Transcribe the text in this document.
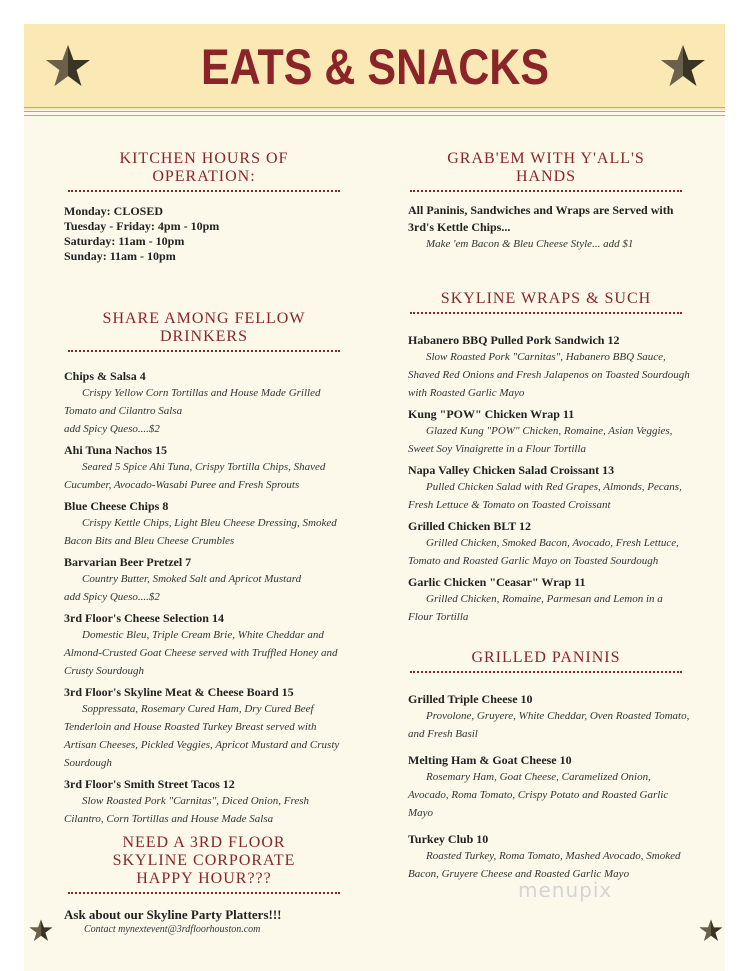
EATS & SNACKS
KITCHEN HOURS OF OPERATION:
Monday: CLOSED
Tuesday - Friday: 4pm - 10pm
Saturday: 11am - 10pm
Sunday: 11am - 10pm
SHARE AMONG FELLOW DRINKERS
Chips & Salsa 4
Crispy Yellow Corn Tortillas and House Made Grilled Tomato and Cilantro Salsa
add Spicy Queso....$2
Ahi Tuna Nachos 15
Seared 5 Spice Ahi Tuna, Crispy Tortilla Chips, Shaved Cucumber, Avocado-Wasabi Puree and Fresh Sprouts
Blue Cheese Chips 8
Crispy Kettle Chips, Light Bleu Cheese Dressing, Smoked Bacon Bits and Bleu Cheese Crumbles
Barvarian Beer Pretzel 7
Country Butter, Smoked Salt and Apricot Mustard
add Spicy Queso....$2
3rd Floor's Cheese Selection 14
Domestic Bleu, Triple Cream Brie, White Cheddar and Almond-Crusted Goat Cheese served with Truffled Honey and Crusty Sourdough
3rd Floor's Skyline Meat & Cheese Board 15
Soppressata, Rosemary Cured Ham, Dry Cured Beef Tenderloin and House Roasted Turkey Breast served with Artisan Cheeses, Pickled Veggies, Apricot Mustard and Crusty Sourdough
3rd Floor's Smith Street Tacos 12
Slow Roasted Pork "Carnitas", Diced Onion, Fresh Cilantro, Corn Tortillas and House Made Salsa
NEED A 3RD FLOOR SKYLINE CORPORATE HAPPY HOUR???
Ask about our Skyline Party Platters!!!
Contact mynextevent@3rdfloorhouston.com
GRAB'EM WITH Y'ALL'S HANDS
All Paninis, Sandwiches and Wraps are Served with 3rd's Kettle Chips...
Make 'em Bacon & Bleu Cheese Style... add $1
SKYLINE WRAPS & SUCH
Habanero BBQ Pulled Pork Sandwich 12
Slow Roasted Pork "Carnitas", Habanero BBQ Sauce, Shaved Red Onions and Fresh Jalapenos on Toasted Sourdough with Roasted Garlic Mayo
Kung "POW" Chicken Wrap 11
Glazed Kung "POW" Chicken, Romaine, Asian Veggies, Sweet Soy Vinaigrette in a Flour Tortilla
Napa Valley Chicken Salad Croissant 13
Pulled Chicken Salad with Red Grapes, Almonds, Pecans, Fresh Lettuce & Tomato on Toasted Croissant
Grilled Chicken BLT 12
Grilled Chicken, Smoked Bacon, Avocado, Fresh Lettuce, Tomato and Roasted Garlic Mayo on Toasted Sourdough
Garlic Chicken "Ceasar" Wrap 11
Grilled Chicken, Romaine, Parmesan and Lemon in a Flour Tortilla
GRILLED PANINIS
Grilled Triple Cheese 10
Provolone, Gruyere, White Cheddar, Oven Roasted Tomato, and Fresh Basil
Melting Ham & Goat Cheese 10
Rosemary Ham, Goat Cheese, Caramelized Onion, Avocado, Roma Tomato, Crispy Potato and Roasted Garlic Mayo
Turkey Club 10
Roasted Turkey, Roma Tomato, Mashed Avocado, Smoked Bacon, Gruyere Cheese and Roasted Garlic Mayo
menupix
